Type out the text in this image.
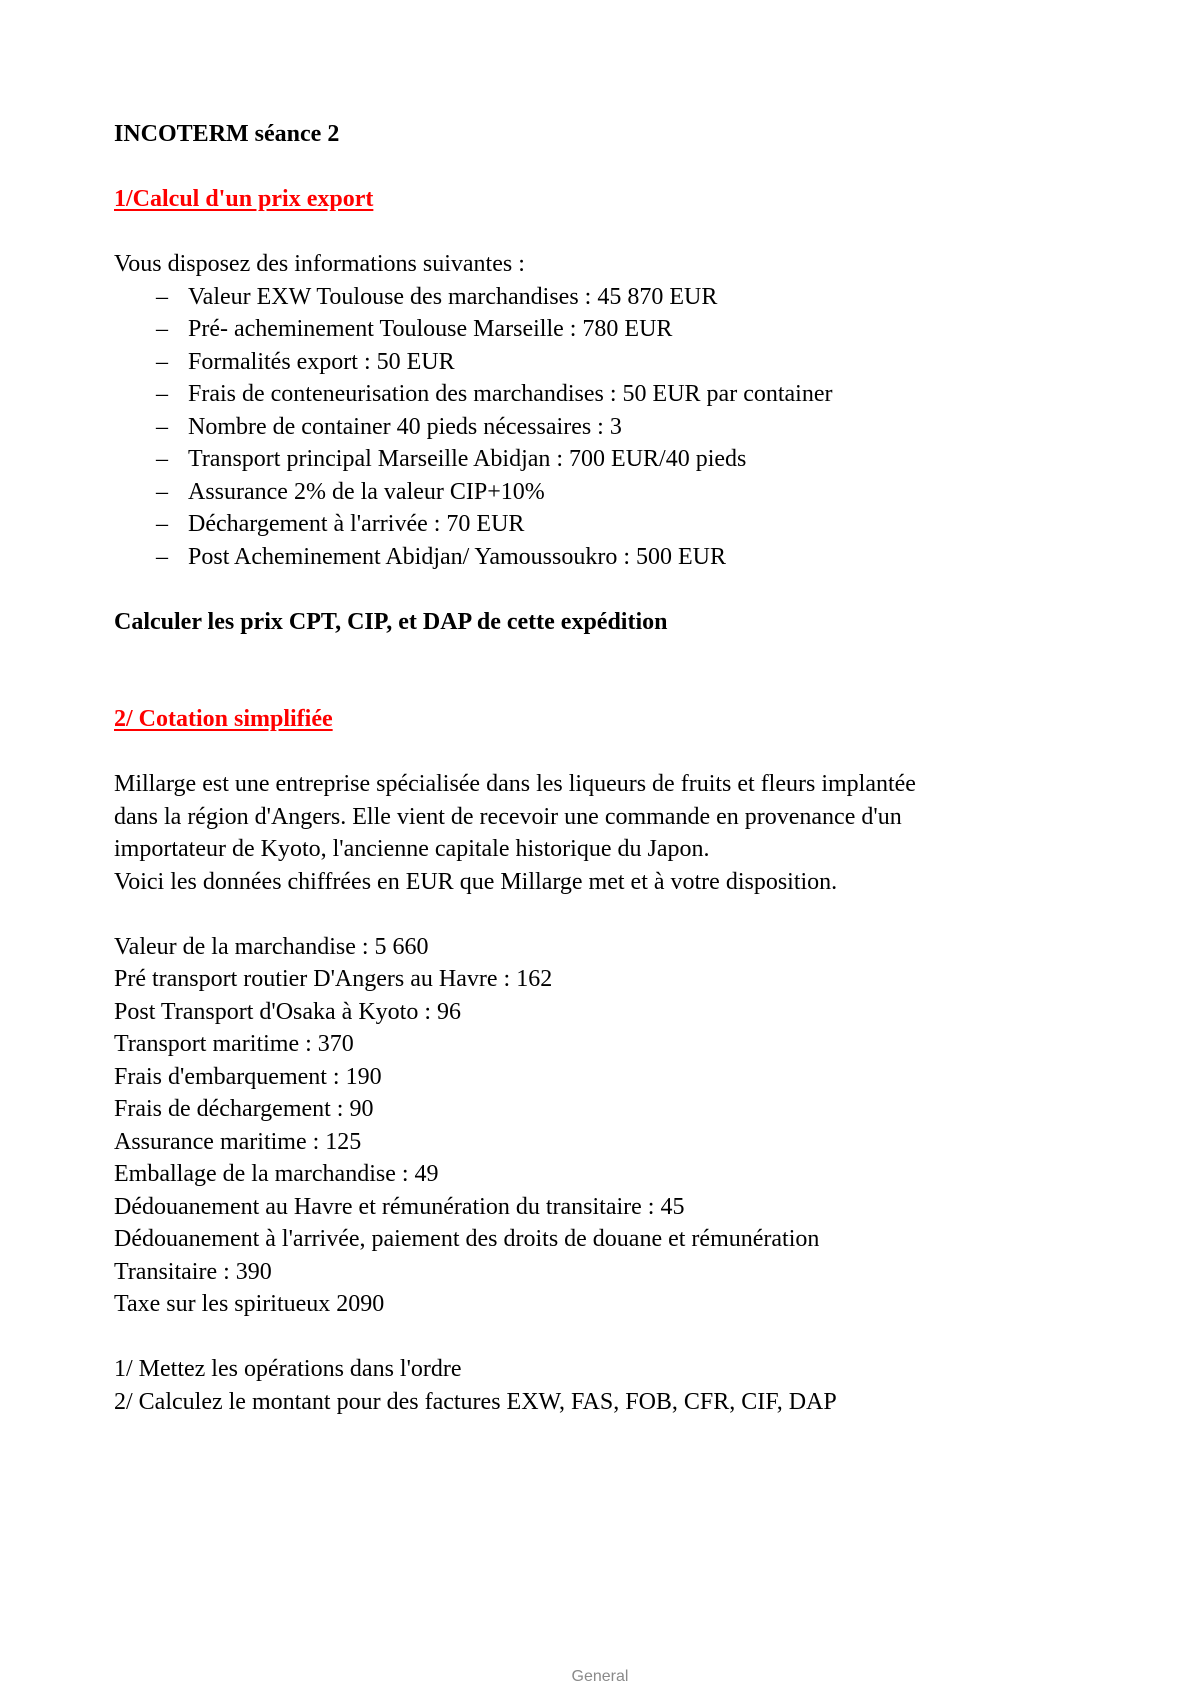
INCOTERM séance 2

1/Calcul d'un prix export

Vous disposez des informations suivantes :

– Valeur EXW Toulouse des marchandises : 45 870 EUR
– Pré- acheminement Toulouse Marseille : 780 EUR
– Formalités export : 50 EUR
– Frais de conteneurisation des marchandises : 50 EUR par container
– Nombre de container 40 pieds nécessaires : 3
– Transport principal Marseille Abidjan : 700 EUR/40 pieds
– Assurance 2% de la valeur CIP+10%
– Déchargement à l'arrivée : 70 EUR
– Post Acheminement Abidjan/ Yamoussoukro : 500 EUR

Calculer les prix CPT, CIP, et DAP de cette expédition

2/ Cotation simplifiée

Millarge est une entreprise spécialisée dans les liqueurs de fruits et fleurs implantée

dans la région d'Angers. Elle vient de recevoir une commande en provenance d'un

importateur de Kyoto, l'ancienne capitale historique du Japon.

Voici les données chiffrées en EUR que Millarge met et à votre disposition.

Valeur de la marchandise : 5 660

Pré transport routier D'Angers au Havre : 162

Post Transport d'Osaka à Kyoto : 96

Transport maritime : 370

Frais d'embarquement : 190

Frais de déchargement : 90

Assurance maritime : 125

Emballage de la marchandise : 49

Dédouanement au Havre et rémunération du transitaire : 45

Dédouanement à l'arrivée, paiement des droits de douane et rémunération

Transitaire : 390

Taxe sur les spiritueux 2090

1/ Mettez les opérations dans l'ordre

2/ Calculez le montant pour des factures EXW, FAS, FOB, CFR, CIF, DAP

General
